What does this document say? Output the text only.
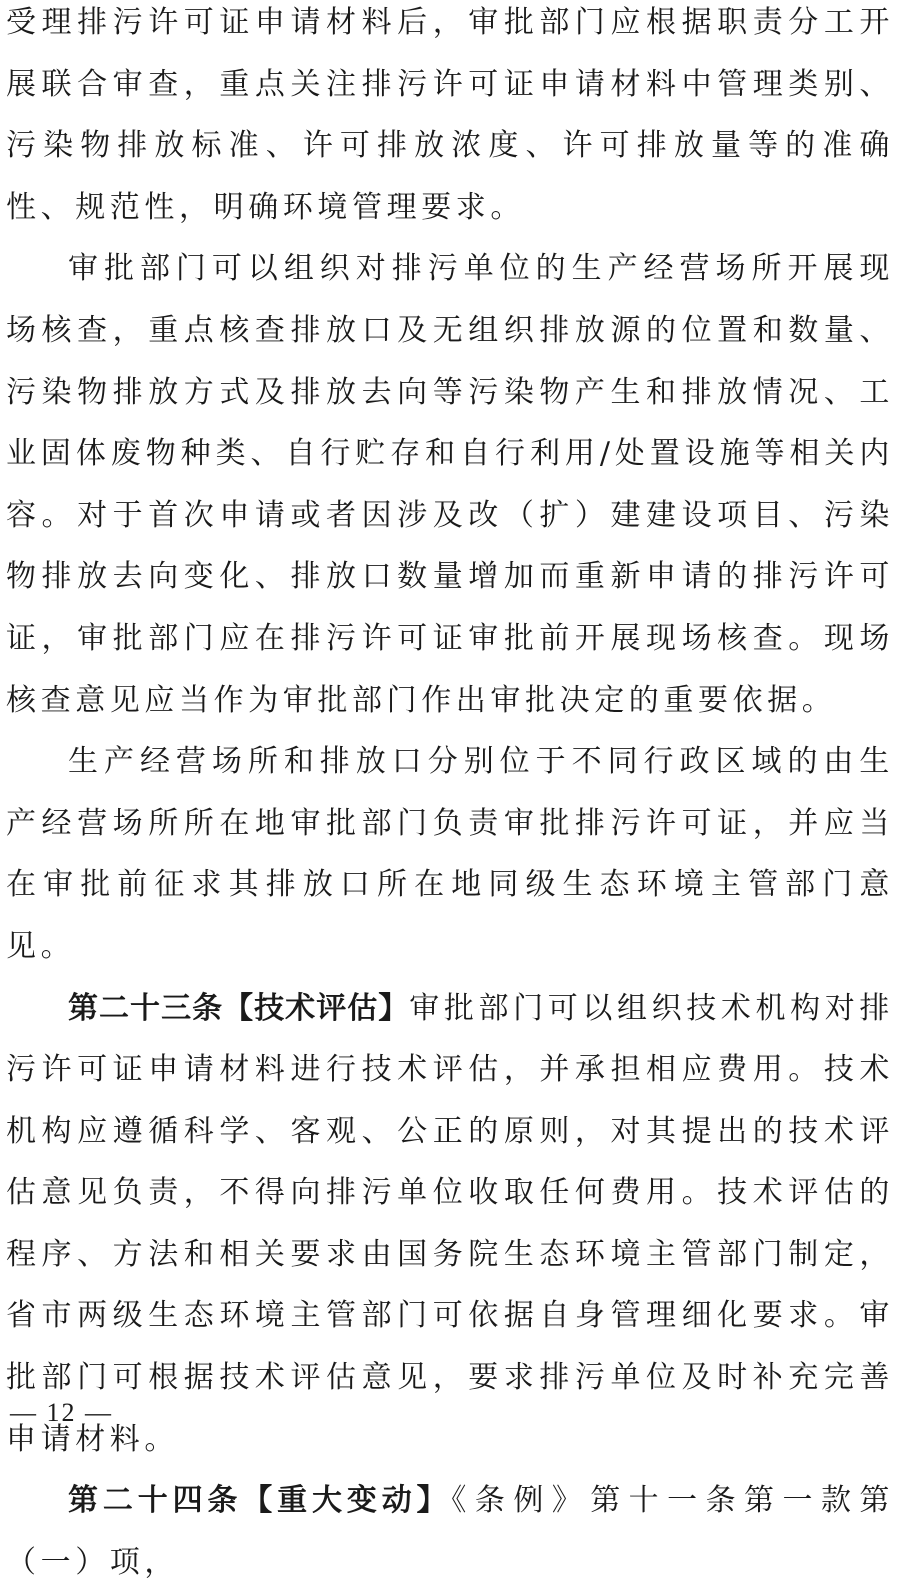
受理排污许可证申请材料后，审批部门应根据职责分工开展联合审查，重点关注排污许可证申请材料中管理类别、污染物排放标准、许可排放浓度、许可排放量等的准确性、规范性，明确环境管理要求。

审批部门可以组织对排污单位的生产经营场所开展现场核查，重点核查排放口及无组织排放源的位置和数量、污染物排放方式及排放去向等污染物产生和排放情况、工业固体废物种类、自行贮存和自行利用/处置设施等相关内容。对于首次申请或者因涉及改（扩）建建设项目、污染物排放去向变化、排放口数量增加而重新申请的排污许可证，审批部门应在排污许可证审批前开展现场核查。现场核查意见应当作为审批部门作出审批决定的重要依据。

生产经营场所和排放口分别位于不同行政区域的由生产经营场所所在地审批部门负责审批排污许可证，并应当在审批前征求其排放口所在地同级生态环境主管部门意见。

第二十三条【技术评估】审批部门可以组织技术机构对排污许可证申请材料进行技术评估，并承担相应费用。技术机构应遵循科学、客观、公正的原则，对其提出的技术评估意见负责，不得向排污单位收取任何费用。技术评估的程序、方法和相关要求由国务院生态环境主管部门制定，省市两级生态环境主管部门可依据自身管理细化要求。审批部门可根据技术评估意见，要求排污单位及时补充完善申请材料。

第二十四条【重大变动】《条例》第十一条第一款第（一）项，

— 12 —
